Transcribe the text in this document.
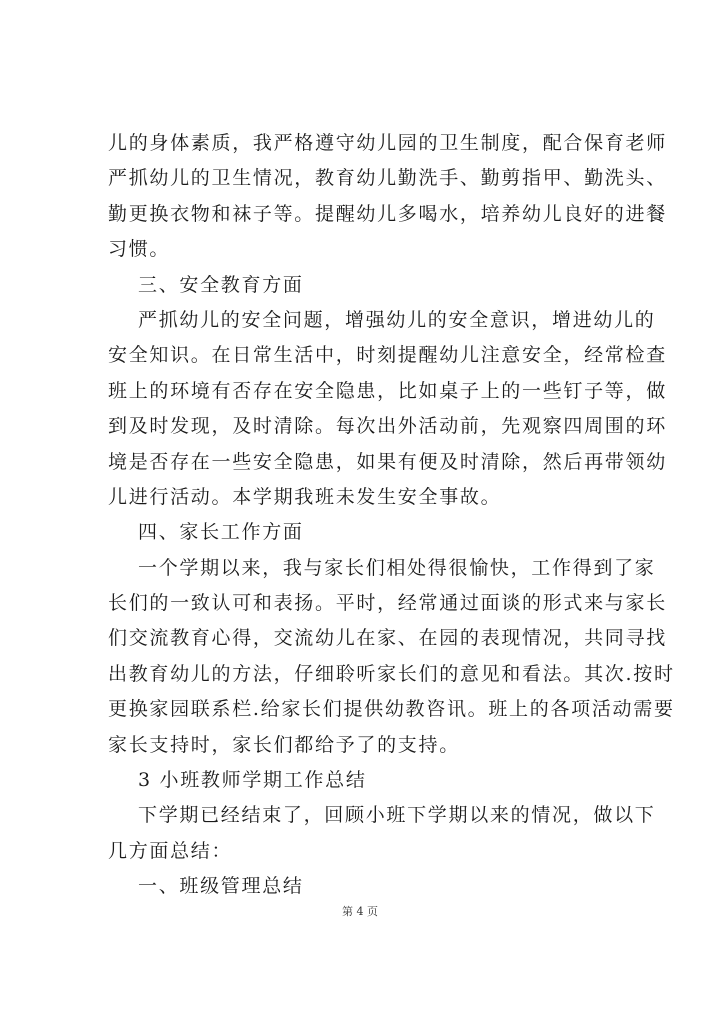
儿的身体素质，我严格遵守幼儿园的卫生制度，配合保育老师
严抓幼儿的卫生情况，教育幼儿勤洗手、勤剪指甲、勤洗头、
勤更换衣物和袜子等。提醒幼儿多喝水，培养幼儿良好的进餐
习惯。
三、安全教育方面
严抓幼儿的安全问题，增强幼儿的安全意识，增进幼儿的
安全知识。在日常生活中，时刻提醒幼儿注意安全，经常检查
班上的环境有否存在安全隐患，比如桌子上的一些钉子等，做
到及时发现，及时清除。每次出外活动前，先观察四周围的环
境是否存在一些安全隐患，如果有便及时清除，然后再带领幼
儿进行活动。本学期我班未发生安全事故。
四、家长工作方面
一个学期以来，我与家长们相处得很愉快，工作得到了家
长们的一致认可和表扬。平时，经常通过面谈的形式来与家长
们交流教育心得，交流幼儿在家、在园的表现情况，共同寻找
出教育幼儿的方法，仔细聆听家长们的意见和看法。其次.按时
更换家园联系栏.给家长们提供幼教咨讯。班上的各项活动需要
家长支持时，家长们都给予了的支持。
3 小班教师学期工作总结
下学期已经结束了，回顾小班下学期以来的情况，做以下
几方面总结：
一、班级管理总结
第 4 页
